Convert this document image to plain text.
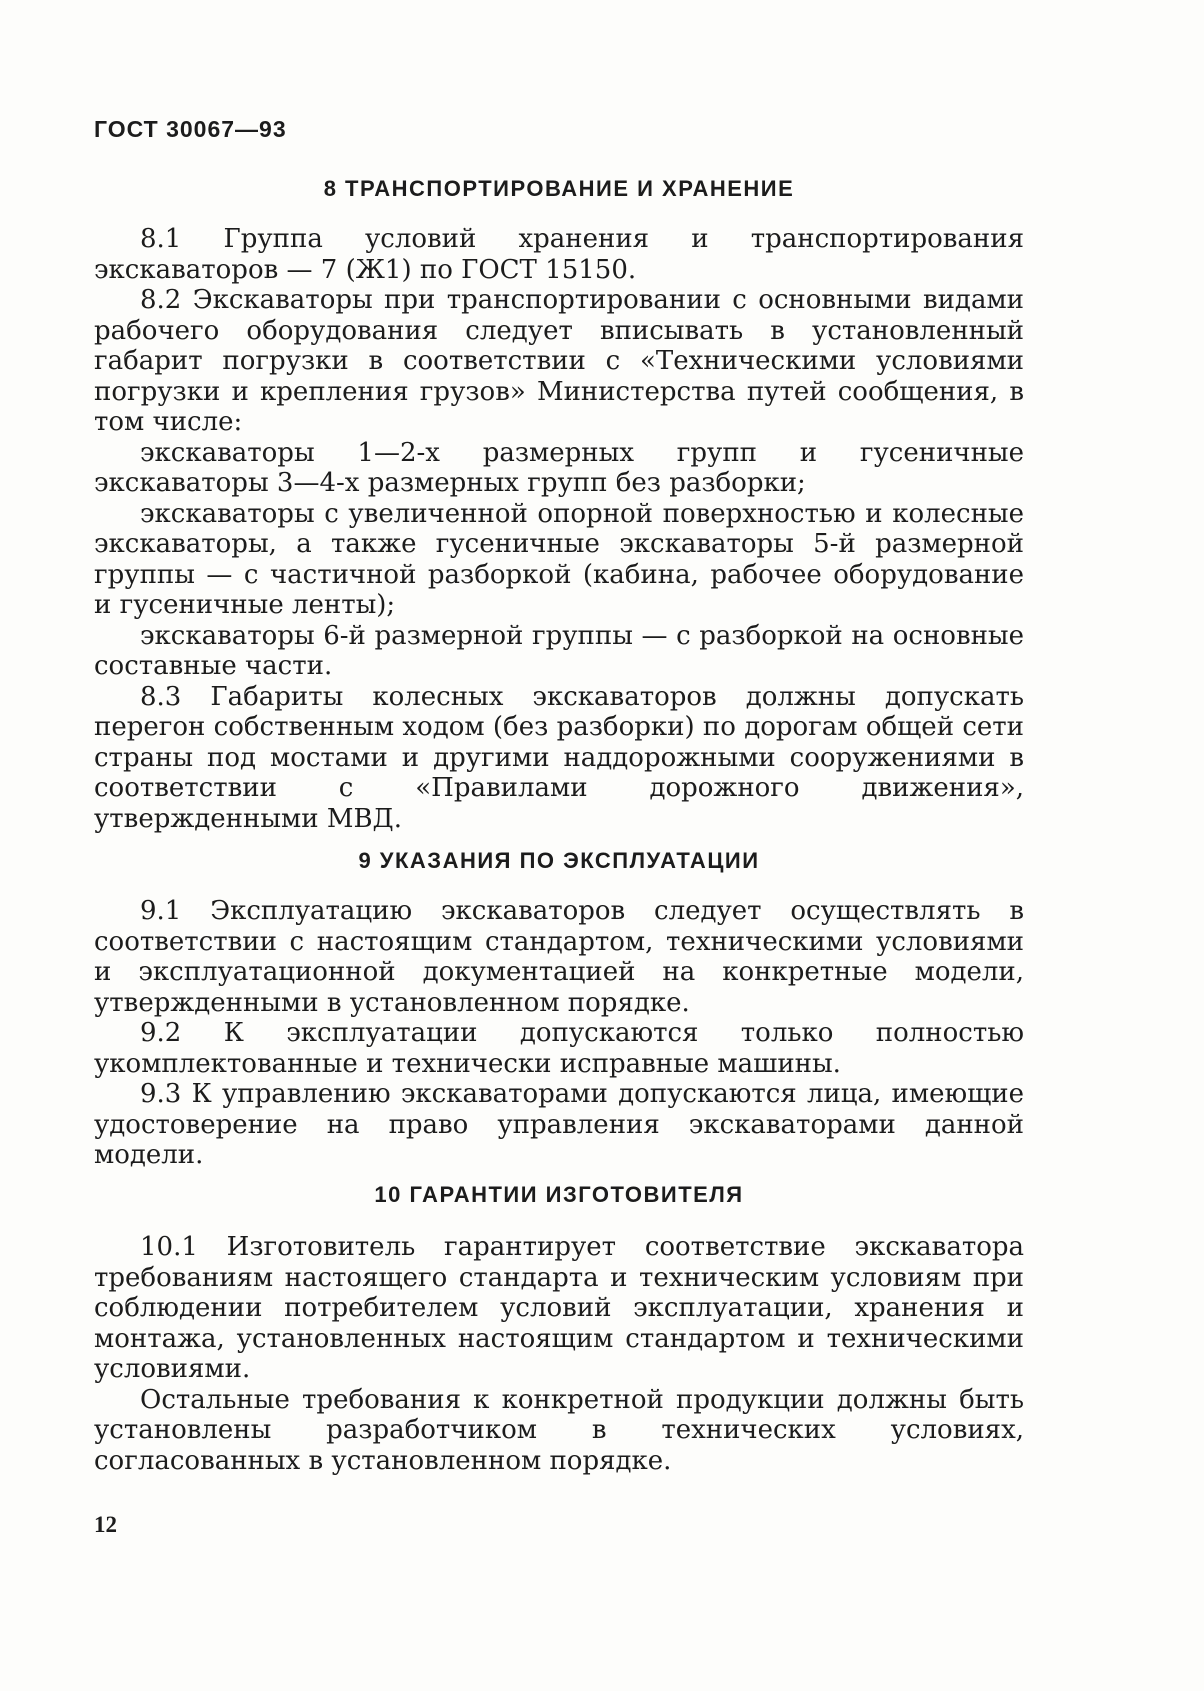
ГОСТ 30067—93
8 ТРАНСПОРТИРОВАНИЕ И ХРАНЕНИЕ

8.1 Группа условий хранения и транспортирования экскаваторов — 7 (Ж1) по ГОСТ 15150.

8.2 Экскаваторы при транспортировании с основными видами рабочего оборудования следует вписывать в установленный габарит погрузки в соответствии с «Техническими условиями погрузки и крепления грузов» Министерства путей сообщения, в том числе:

экскаваторы 1—2-х размерных групп и гусеничные экскаваторы 3—4-х размерных групп без разборки;

экскаваторы с увеличенной опорной поверхностью и колесные экскаваторы, а также гусеничные экскаваторы 5-й размерной группы — с частичной разборкой (кабина, рабочее оборудование и гусеничные ленты);

экскаваторы 6-й размерной группы — с разборкой на основные составные части.

8.3 Габариты колесных экскаваторов должны допускать перегон собственным ходом (без разборки) по дорогам общей сети страны под мостами и другими наддорожными сооружениями в соответствии с «Правилами дорожного движения», утвержденными МВД.

9 УКАЗАНИЯ ПО ЭКСПЛУАТАЦИИ

9.1 Эксплуатацию экскаваторов следует осуществлять в соответствии с настоящим стандартом, техническими условиями и эксплуатационной документацией на конкретные модели, утвержденными в установленном порядке.

9.2 К эксплуатации допускаются только полностью укомплектованные и технически исправные машины.

9.3 К управлению экскаваторами допускаются лица, имеющие удостоверение на право управления экскаваторами данной модели.

10 ГАРАНТИИ ИЗГОТОВИТЕЛЯ

10.1 Изготовитель гарантирует соответствие экскаватора требованиям настоящего стандарта и техническим условиям при соблюдении потребителем условий эксплуатации, хранения и монтажа, установленных настоящим стандартом и техническими условиями.

Остальные требования к конкретной продукции должны быть установлены разработчиком в технических условиях, согласованных в установленном порядке.

12
